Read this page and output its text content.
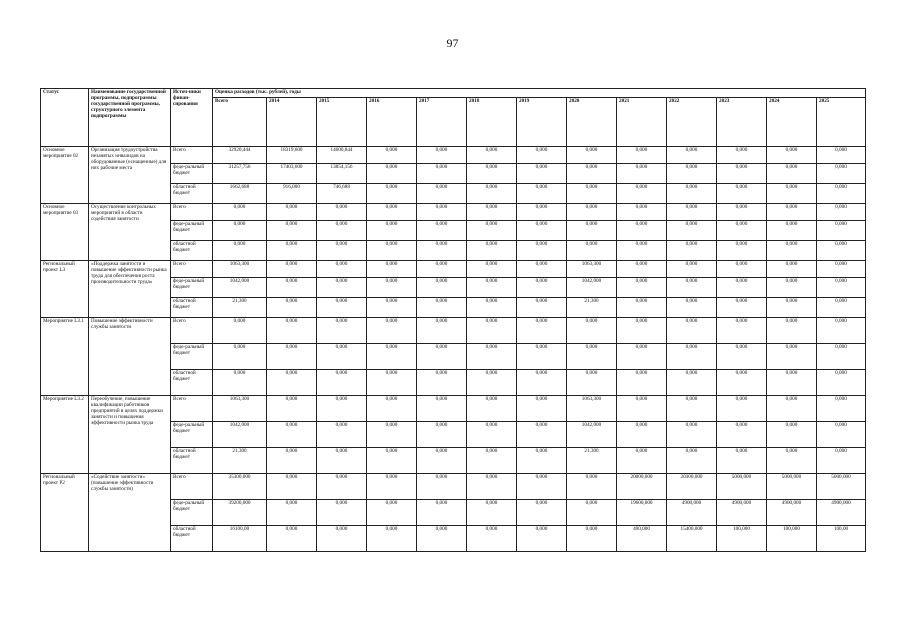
97
Статус	Наименование государственной программы, подпрограммы государственной программы, структурного элемента подпрограммы	Источ-ники финан-сирования	Оценка расходов (тыс. рублей), годы												
			Всего	2014	2015	2016	2017	2018	2019	2020	2021	2022	2023	2024	2025
Основное мероприятие 02	Организация трудоустройства незанятых инвалидов на оборудованные (оснащенные) для них рабочие места	Всего	32920,444	18319,600	14600,844	0,000	0,000	0,000	0,000	0,000	0,000	0,000	0,000	0,000	0,000
		феде-ральный бюджет	31257,756	17403,600	13854,156	0,000	0,000	0,000	0,000	0,000	0,000	0,000	0,000	0,000	0,000
		областной бюджет	1662,688	916,000	746,688	0,000	0,000	0,000	0,000	0,000	0,000	0,000	0,000	0,000	0,000
Основное мероприятие 03	Осуществление контрольных мероприятий в области содействия занятости	Всего	0,000	0,000	0,000	0,000	0,000	0,000	0,000	0,000	0,000	0,000	0,000	0,000	0,000
		феде-ральный бюджет	0,000	0,000	0,000	0,000	0,000	0,000	0,000	0,000	0,000	0,000	0,000	0,000	0,000
		областной бюджет	0,000	0,000	0,000	0,000	0,000	0,000	0,000	0,000	0,000	0,000	0,000	0,000	0,000
Региональный проект L3	«Поддержка занятости и повышение эффективности рынка труда для обеспечения роста производительности труда»	Всего	1063,300	0,000	0,000	0,000	0,000	0,000	0,000	1063,300	0,000	0,000	0,000	0,000	0,000
		феде-ральный бюджет	1042,000	0,000	0,000	0,000	0,000	0,000	0,000	1042,000	0,000	0,000	0,000	0,000	0,000
		областной бюджет	21,300	0,000	0,000	0,000	0,000	0,000	0,000	21,300	0,000	0,000	0,000	0,000	0,000
Мероприятие L3.1	Повышение эффективности службы занятости	Всего	0,000	0,000	0,000	0,000	0,000	0,000	0,000	0,000	0,000	0,000	0,000	0,000	0,000
		феде-ральный бюджет	0,000	0,000	0,000	0,000	0,000	0,000	0,000	0,000	0,000	0,000	0,000	0,000	0,000
		областной бюджет	0,000	0,000	0,000	0,000	0,000	0,000	0,000	0,000	0,000	0,000	0,000	0,000	0,000
Мероприятие L3.2	Переобучение, повышение квалификации работников предприятий в целях поддержки занятости и повышения эффективности рынка труда	Всего	1063,300	0,000	0,000	0,000	0,000	0,000	0,000	1063,300	0,000	0,000	0,000	0,000	0,000
		феде-ральный бюджет	1042,000	0,000	0,000	0,000	0,000	0,000	0,000	1042,000	0,000	0,000	0,000	0,000	0,000
		областной бюджет	21,300	0,000	0,000	0,000	0,000	0,000	0,000	21,300	0,000	0,000	0,000	0,000	0,000
Региональный проект P2	«Содействие занятости» (повышение эффективности службы занятости)	Всего	35300,000	0,000	0,000	0,000	0,000	0,000	0,000	0,000	20000,000	20300,000	5000,000	5000,000	5000,000
		феде-ральный бюджет	39200,000	0,000	0,000	0,000	0,000	0,000	0,000	0,000	19600,000	4900,000	4900,000	4900,000	4900,000
		областной бюджет	16100,00	0,000	0,000	0,000	0,000	0,000	0,000	0,000	400,000	15400,000	100,000	100,000	100,00
